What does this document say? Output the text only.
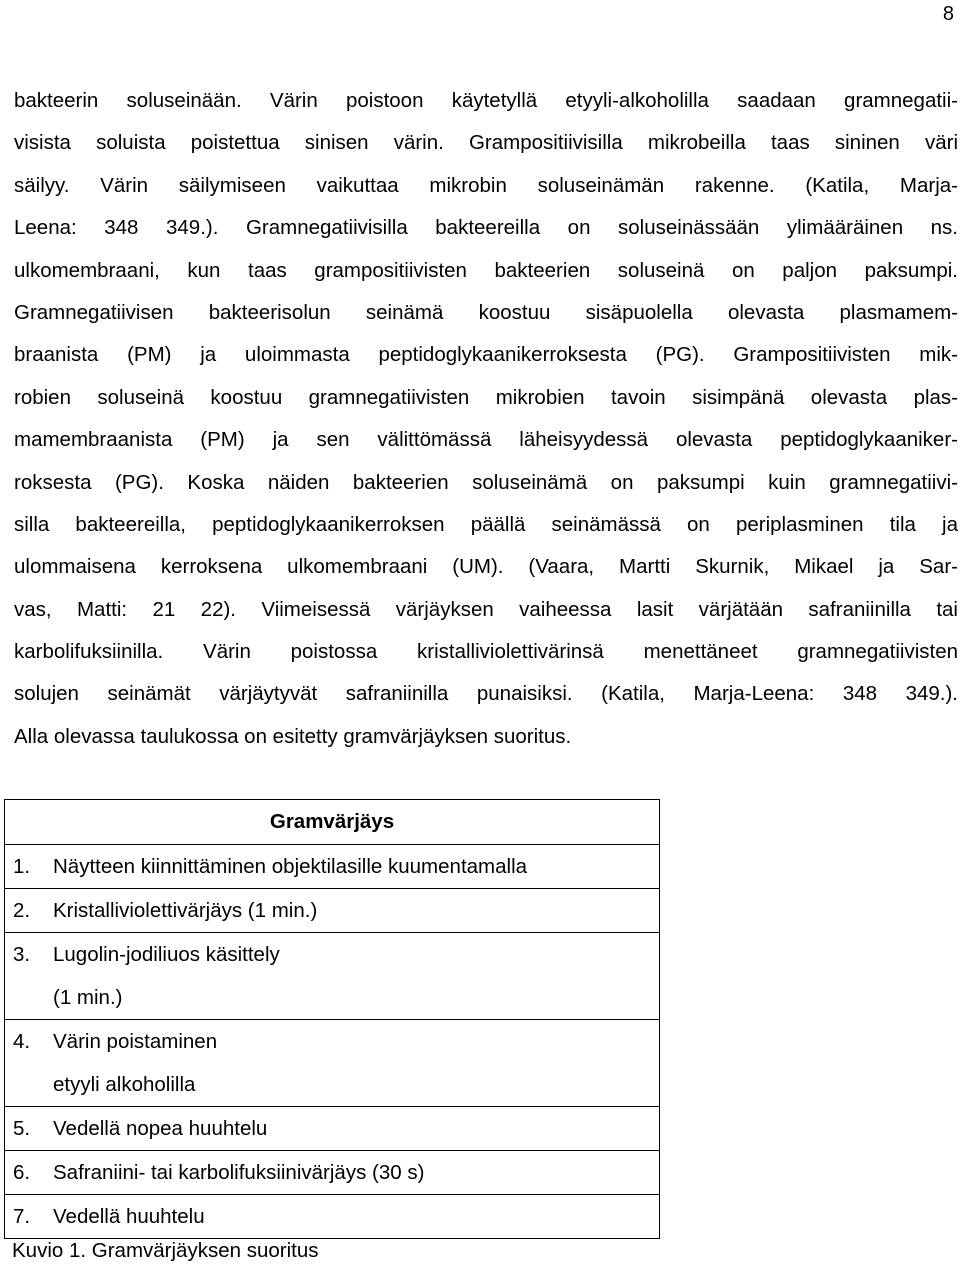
8
bakteerin soluseinään. Värin poistoon käytetyllä etyyli-alkoholilla saadaan gramnegatii-
visista soluista poistettua sinisen värin. Grampositiivisilla mikrobeilla taas sininen väri
säilyy. Värin säilymiseen vaikuttaa mikrobin soluseinämän rakenne. (Katila, Marja-
Leena: 348 349.). Gramnegatiivisilla bakteereilla on soluseinässään ylimääräinen ns.
ulkomembraani, kun taas grampositiivisten bakteerien soluseinä on paljon paksumpi.
Gramnegatiivisen bakteerisolun seinämä koostuu sisäpuolella olevasta plasmamem-
braanista (PM) ja uloimmasta peptidoglykaanikerroksesta (PG). Grampositiivisten mik-
robien soluseinä koostuu gramnegatiivisten mikrobien tavoin sisimpänä olevasta plas-
mamembraanista (PM) ja sen välittömässä läheisyydessä olevasta peptidoglykaaniker-
roksesta (PG). Koska näiden bakteerien soluseinämä on paksumpi kuin gramnegatiivi-
silla bakteereilla, peptidoglykaanikerroksen päällä seinämässä on periplasminen tila ja
ulommaisena kerroksena ulkomembraani (UM). (Vaara, Martti Skurnik, Mikael ja Sar-
vas, Matti: 21 22). Viimeisessä värjäyksen vaiheessa lasit värjätään safraniinilla tai
karbolifuksiinilla. Värin poistossa kristalliviolettivärinsä menettäneet gramnegatiivisten
solujen seinämät värjäytyvät safraniinilla punaisiksi. (Katila, Marja-Leena: 348 349.).
Alla olevassa taulukossa on esitetty gramvärjäyksen suoritus.
Gramvärjäys

1.	Näytteen kiinnittäminen objektilasille kuumentamalla

2.	Kristalliviolettivärjäys (1 min.)

3.	Lugolin-jodiliuos käsittely
(1 min.)

4.	Värin poistaminen
etyyli alkoholilla

5.	Vedellä nopea huuhtelu

6.	Safraniini- tai karbolifuksiinivärjäys (30 s)

7.	Vedellä huuhtelu
Kuvio 1. Gramvärjäyksen suoritus
